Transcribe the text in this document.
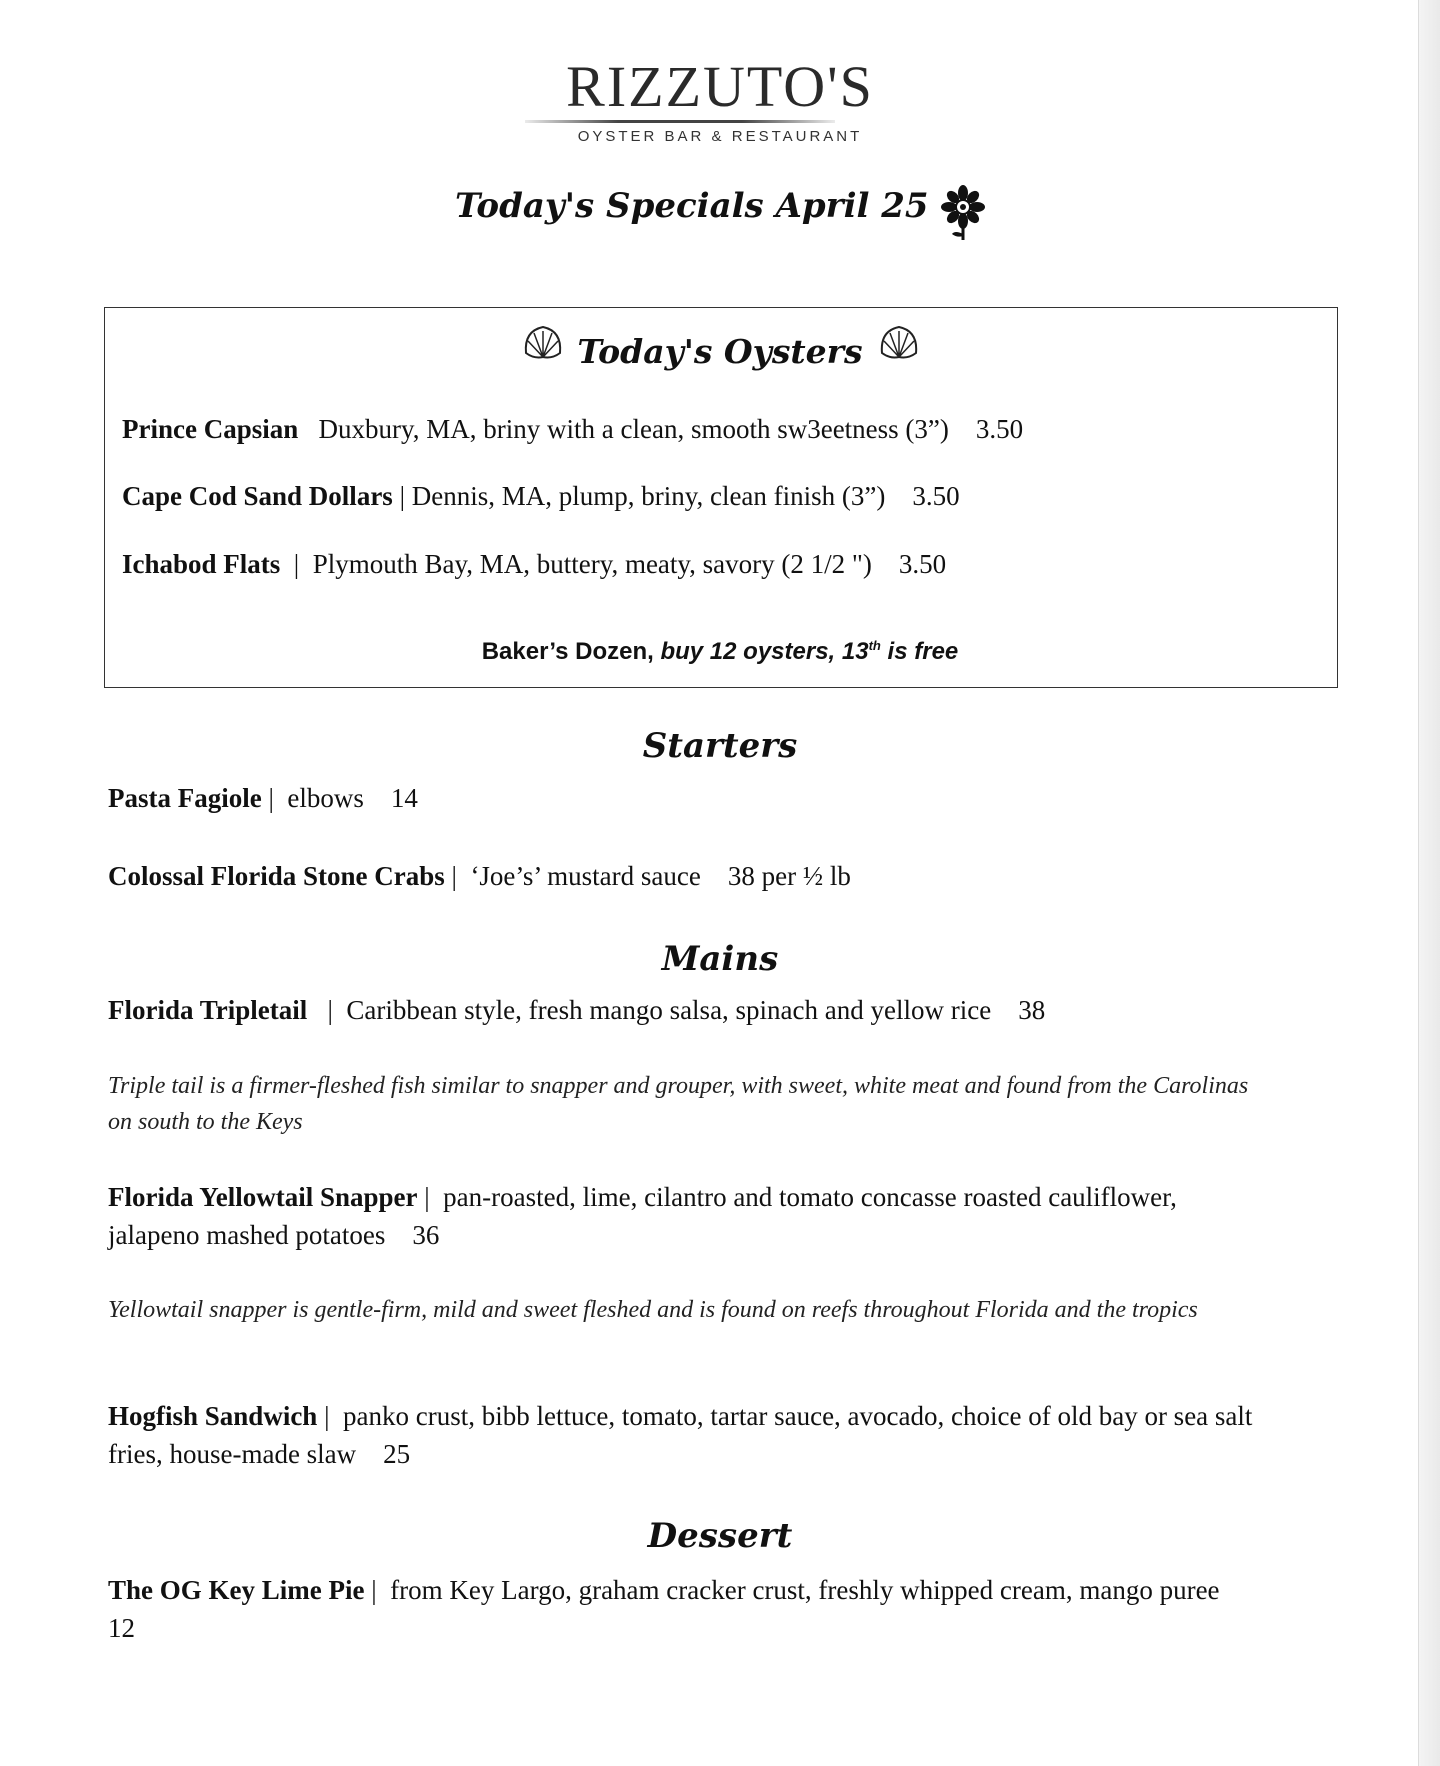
RIZZUTO'S
OYSTER BAR & RESTAURANT
Today's Specials April 25
Today's Oysters
Prince Capsian Duxbury, MA, briny with a clean, smooth sw3eetness (3”) 3.50
Cape Cod Sand Dollars | Dennis, MA, plump, briny, clean finish (3”) 3.50
Ichabod Flats | Plymouth Bay, MA, buttery, meaty, savory (2 1/2 ") 3.50
Baker’s Dozen, buy 12 oysters, 13th is free
Starters
Pasta Fagiole | elbows 14
Colossal Florida Stone Crabs | ‘Joe’s’ mustard sauce 38 per ½ lb
Mains
Florida Tripletail | Caribbean style, fresh mango salsa, spinach and yellow rice 38
Triple tail is a firmer-fleshed fish similar to snapper and grouper, with sweet, white meat and found from the Carolinas on south to the Keys
Florida Yellowtail Snapper | pan-roasted, lime, cilantro and tomato concasse roasted cauliflower, jalapeno mashed potatoes 36
Yellowtail snapper is gentle-firm, mild and sweet fleshed and is found on reefs throughout Florida and the tropics
Hogfish Sandwich | panko crust, bibb lettuce, tomato, tartar sauce, avocado, choice of old bay or sea salt fries, house-made slaw 25
Dessert
The OG Key Lime Pie | from Key Largo, graham cracker crust, freshly whipped cream, mango puree    12
